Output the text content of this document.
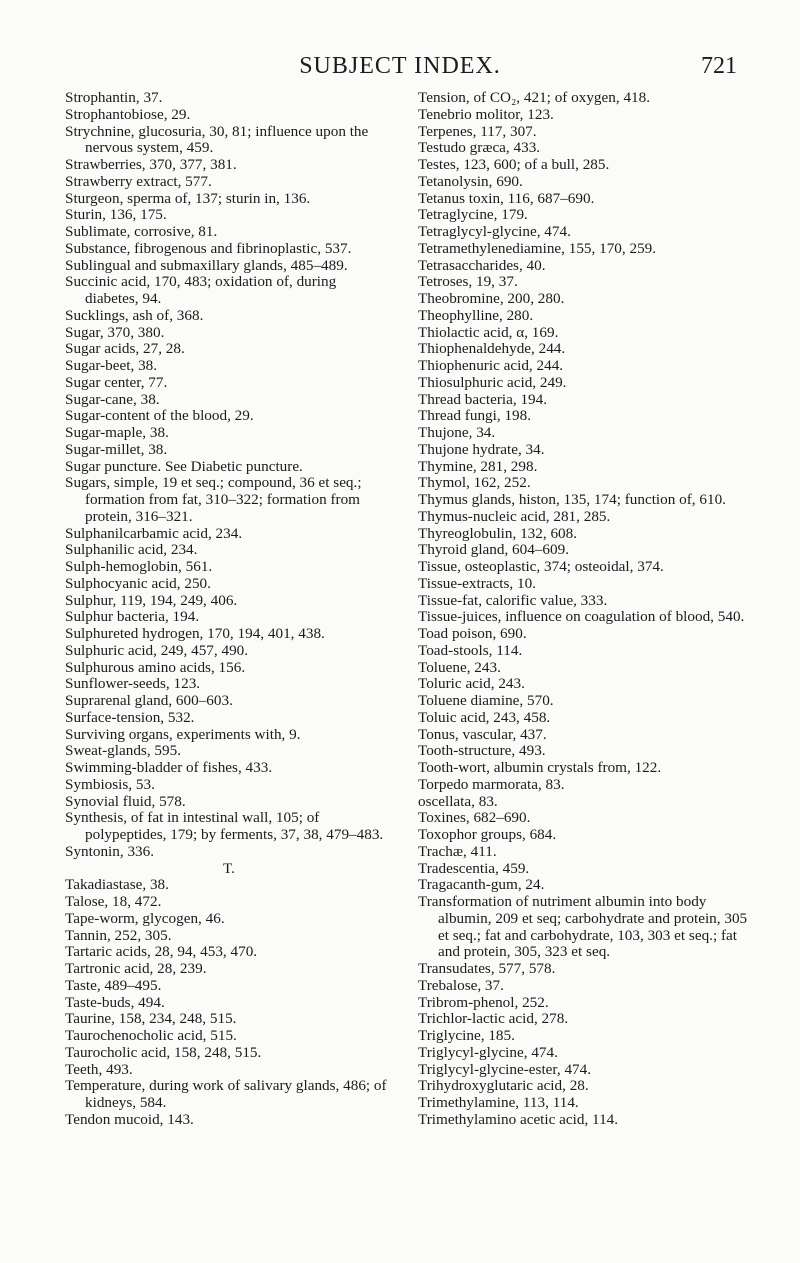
SUBJECT INDEX.	721
Strophantin, 37.
Strophantobiose, 29.
Strychnine, glucosuria, 30, 81; influence upon the nervous system, 459.
Strawberries, 370, 377, 381.
Strawberry extract, 577.
Sturgeon, sperma of, 137; sturin in, 136.
Sturin, 136, 175.
Sublimate, corrosive, 81.
Substance, fibrogenous and fibrinoplastic, 537.
Sublingual and submaxillary glands, 485–489.
Succinic acid, 170, 483; oxidation of, during diabetes, 94.
Sucklings, ash of, 368.
Sugar, 370, 380.
Sugar acids, 27, 28.
Sugar-beet, 38.
Sugar center, 77.
Sugar-cane, 38.
Sugar-content of the blood, 29.
Sugar-maple, 38.
Sugar-millet, 38.
Sugar puncture. See Diabetic puncture.
Sugars, simple, 19 et seq.; compound, 36 et seq.; formation from fat, 310–322; formation from protein, 316–321.
Sulphanilcarbamic acid, 234.
Sulphanilic acid, 234.
Sulph-hemoglobin, 561.
Sulphocyanic acid, 250.
Sulphur, 119, 194, 249, 406.
Sulphur bacteria, 194.
Sulphureted hydrogen, 170, 194, 401, 438.
Sulphuric acid, 249, 457, 490.
Sulphurous amino acids, 156.
Sunflower-seeds, 123.
Suprarenal gland, 600–603.
Surface-tension, 532.
Surviving organs, experiments with, 9.
Sweat-glands, 595.
Swimming-bladder of fishes, 433.
Symbiosis, 53.
Synovial fluid, 578.
Synthesis, of fat in intestinal wall, 105; of polypeptides, 179; by ferments, 37, 38, 479–483.
Syntonin, 336.
T.
Takadiastase, 38.
Talose, 18, 472.
Tape-worm, glycogen, 46.
Tannin, 252, 305.
Tartaric acids, 28, 94, 453, 470.
Tartronic acid, 28, 239.
Taste, 489–495.
Taste-buds, 494.
Taurine, 158, 234, 248, 515.
Taurochenocholic acid, 515.
Taurocholic acid, 158, 248, 515.
Teeth, 493.
Temperature, during work of salivary glands, 486; of kidneys, 584.
Tendon mucoid, 143.
Tension, of CO₂, 421; of oxygen, 418.
Tenebrio molitor, 123.
Terpenes, 117, 307.
Testudo græca, 433.
Testes, 123, 600; of a bull, 285.
Tetanolysin, 690.
Tetanus toxin, 116, 687–690.
Tetraglycine, 179.
Tetraglycyl-glycine, 474.
Tetramethylenediamine, 155, 170, 259.
Tetrasaccharides, 40.
Tetroses, 19, 37.
Theobromine, 200, 280.
Theophylline, 280.
Thiolactic acid, α, 169.
Thiophenaldehyde, 244.
Thiophenuric acid, 244.
Thiosulphuric acid, 249.
Thread bacteria, 194.
Thread fungi, 198.
Thujone, 34.
Thujone hydrate, 34.
Thymine, 281, 298.
Thymol, 162, 252.
Thymus glands, histon, 135, 174; function of, 610.
Thymus-nucleic acid, 281, 285.
Thyreoglobulin, 132, 608.
Thyroid gland, 604–609.
Tissue, osteoplastic, 374; osteoidal, 374.
Tissue-extracts, 10.
Tissue-fat, calorific value, 333.
Tissue-juices, influence on coagulation of blood, 540.
Toad poison, 690.
Toad-stools, 114.
Toluene, 243.
Toluric acid, 243.
Toluene diamine, 570.
Toluic acid, 243, 458.
Tonus, vascular, 437.
Tooth-structure, 493.
Tooth-wort, albumin crystals from, 122.
Torpedo marmorata, 83.
oscellata, 83.
Toxines, 682–690.
Toxophor groups, 684.
Trachæ, 411.
Tradescentia, 459.
Tragacanth-gum, 24.
Transformation of nutriment albumin into body albumin, 209 et seq; carbohydrate and protein, 305 et seq.; fat and carbohydrate, 103, 303 et seq.; fat and protein, 305, 323 et seq.
Transudates, 577, 578.
Trebalose, 37.
Tribrom-phenol, 252.
Trichlor-lactic acid, 278.
Triglycine, 185.
Triglycyl-glycine, 474.
Triglycyl-glycine-ester, 474.
Trihydroxyglutaric acid, 28.
Trimethylamine, 113, 114.
Trimethylamino acetic acid, 114.
